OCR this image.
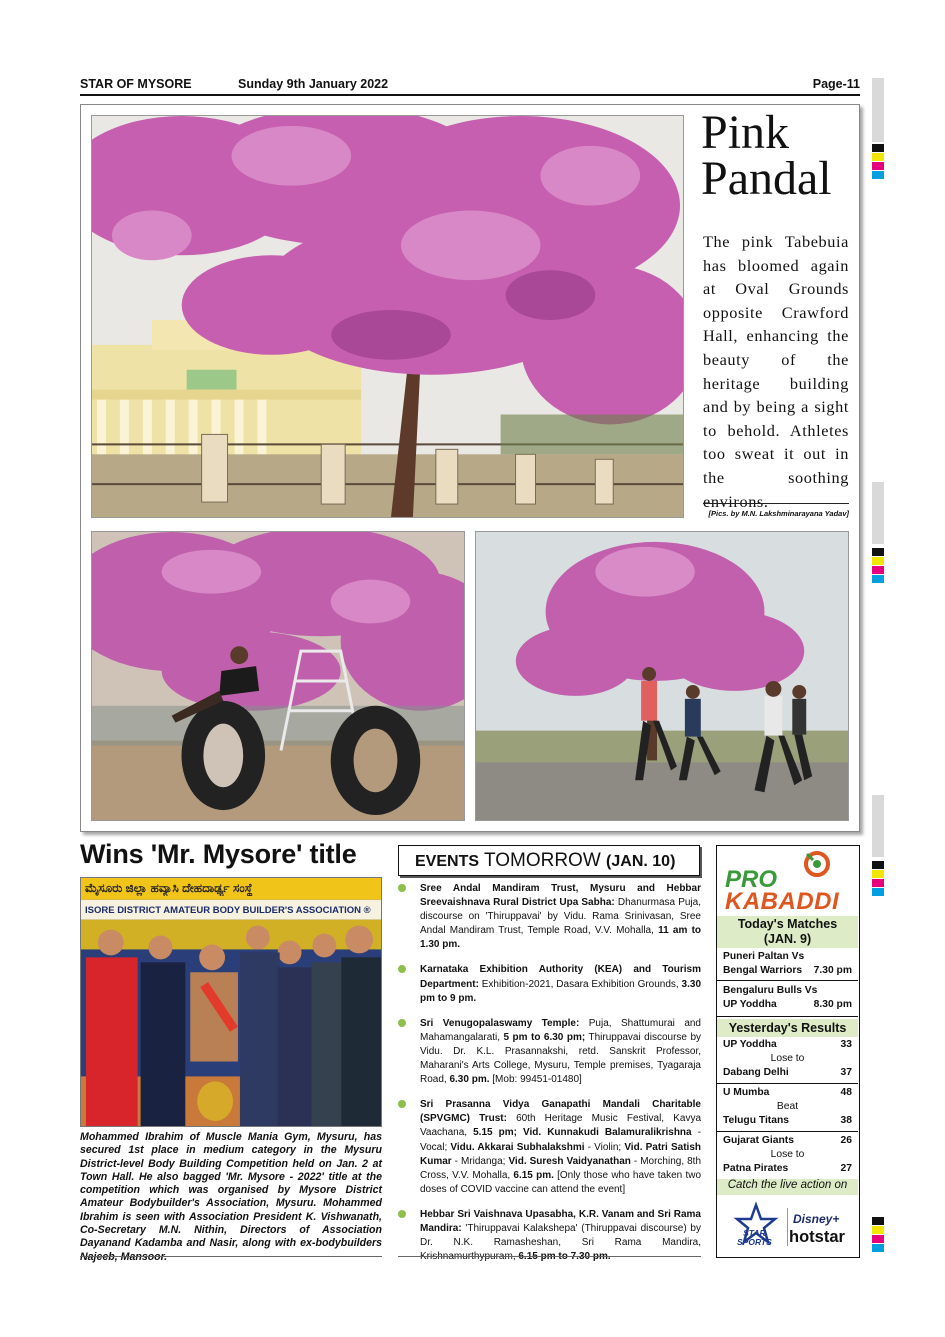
STAR OF MYSORE	Sunday 9th January 2022	Page-11
Pink
Pandal
The pink Tabebuia has bloomed again at Oval Grounds opposite Crawford Hall, enhancing the beauty of the heritage building and by being a sight to behold. Athletes too sweat it out in the soothing environs.
[Pics. by M.N. Lakshminarayana Yadav]
Wins 'Mr. Mysore' title
ಮೈಸೂರು ಜಿಲ್ಲಾ ಹವ್ಯಾಸಿ ದೇಹದಾರ್ಢ್ಯ ಸಂಸ್ಥೆ
ISORE DISTRICT AMATEUR BODY BUILDER'S ASSOCIATION ®
Mohammed Ibrahim of Muscle Mania Gym, Mysuru, has secured 1st place in medium category in the Mysuru District-level Body Building Competition held on Jan. 2 at Town Hall. He also bagged 'Mr. Mysore - 2022' title at the competition which was organised by Mysore District Amateur Bodybuilder's Association, Mysuru. Mohammed Ibrahim is seen with Association President K. Vishwanath, Co-Secretary M.N. Nithin, Directors of Association Dayanand Kadamba and Nasir, along with ex-bodybuilders Najeeb, Mansoor.
EVENTS TOMORROW (JAN. 10)
Sree Andal Mandiram Trust, Mysuru and Hebbar Sreevaishnava Rural District Upa Sabha: Dhanurmasa Puja, discourse on 'Thiruppavai' by Vidu. Rama Srinivasan, Sree Andal Mandiram Trust, Temple Road, V.V. Mohalla, 11 am to 1.30 pm.
Karnataka Exhibition Authority (KEA) and Tourism Department: Exhibition-2021, Dasara Exhibition Grounds, 3.30 pm to 9 pm.
Sri Venugopalaswamy Temple: Puja, Shattumurai and Mahamangalarati, 5 pm to 6.30 pm; Thiruppavai discourse by Vidu. Dr. K.L. Prasannakshi, retd. Sanskrit Professor, Maharani's Arts College, Mysuru, Temple premises, Tyagaraja Road, 6.30 pm. [Mob: 99451-01480]
Sri Prasanna Vidya Ganapathi Mandali Charitable (SPVGMC) Trust: 60th Heritage Music Festival, Kavya Vaachana, 5.15 pm; Vid. Kunnakudi Balamuralikrishna - Vocal; Vidu. Akkarai Subhalakshmi - Violin; Vid. Patri Satish Kumar - Mridanga; Vid. Suresh Vaidyanathan - Morching, 8th Cross, V.V. Mohalla, 6.15 pm. [Only those who have taken two doses of COVID vaccine can attend the event]
Hebbar Sri Vaishnava Upasabha, K.R. Vanam and Sri Rama Mandira: 'Thiruppavai Kalakshepa' (Thiruppavai discourse) by Dr. N.K. Ramasheshan, Sri Rama Mandira, Krishnamurthypuram, 6.15 pm to 7.30 pm.
PRO
KABADDI
Today's Matches
(JAN. 9)
Puneri Paltan Vs
Bengal Warriors 7.30 pm
Bengaluru Bulls Vs
UP Yoddha	8.30 pm
Yesterday's Results
UP Yoddha	33
Lose to
Dabang Delhi	37
U Mumba	48
Beat
Telugu Titans	38
Gujarat Giants	26
Lose to
Patna Pirates	27
Catch the live action on
STAR
SPORTS
Disney+
hotstar
